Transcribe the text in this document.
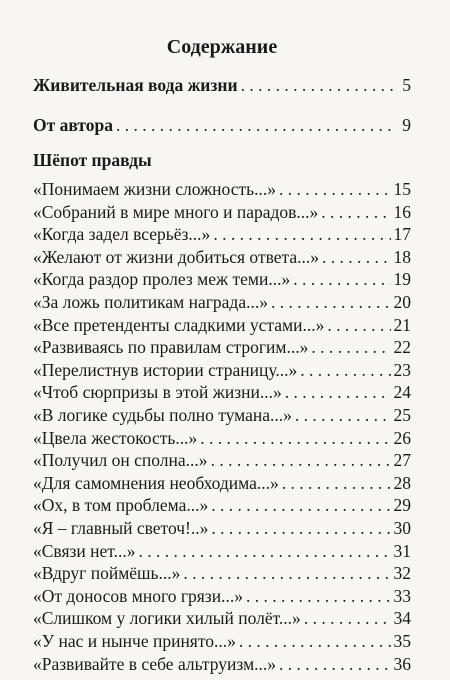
Содержание
Живительная вода жизни . . .	5
От автора . . .	9
Шёпот правды
«Понимаем жизни сложность...» . . .	15
«Собраний в мире много и парадов...» . . .	16
«Когда задел всерьёз...» . . .	17
«Желают от жизни добиться ответа...» . . .	18
«Когда раздор пролез меж теми...» . . .	19
«За ложь политикам награда...» . . .	20
«Все претенденты сладкими устами...» . . .	21
«Развиваясь по правилам строгим...» . . .	22
«Перелистнув истории страницу...» . . .	23
«Чтоб сюрпризы в этой жизни...» . . .	24
«В логике судьбы полно тумана...» . . .	25
«Цвела жестокость...» . . .	26
«Получил он сполна...» . . .	27
«Для самомнения необходима...» . . .	28
«Ох, в том проблема...» . . .	29
«Я – главный светоч!..» . . .	30
«Связи нет...» . . .	31
«Вдруг поймёшь...» . . .	32
«От доносов много грязи...» . . .	33
«Слишком у логики хилый полёт...» . . .	34
«У нас и нынче принято...» . . .	35
«Развивайте в себе альтруизм...» . . .	36
